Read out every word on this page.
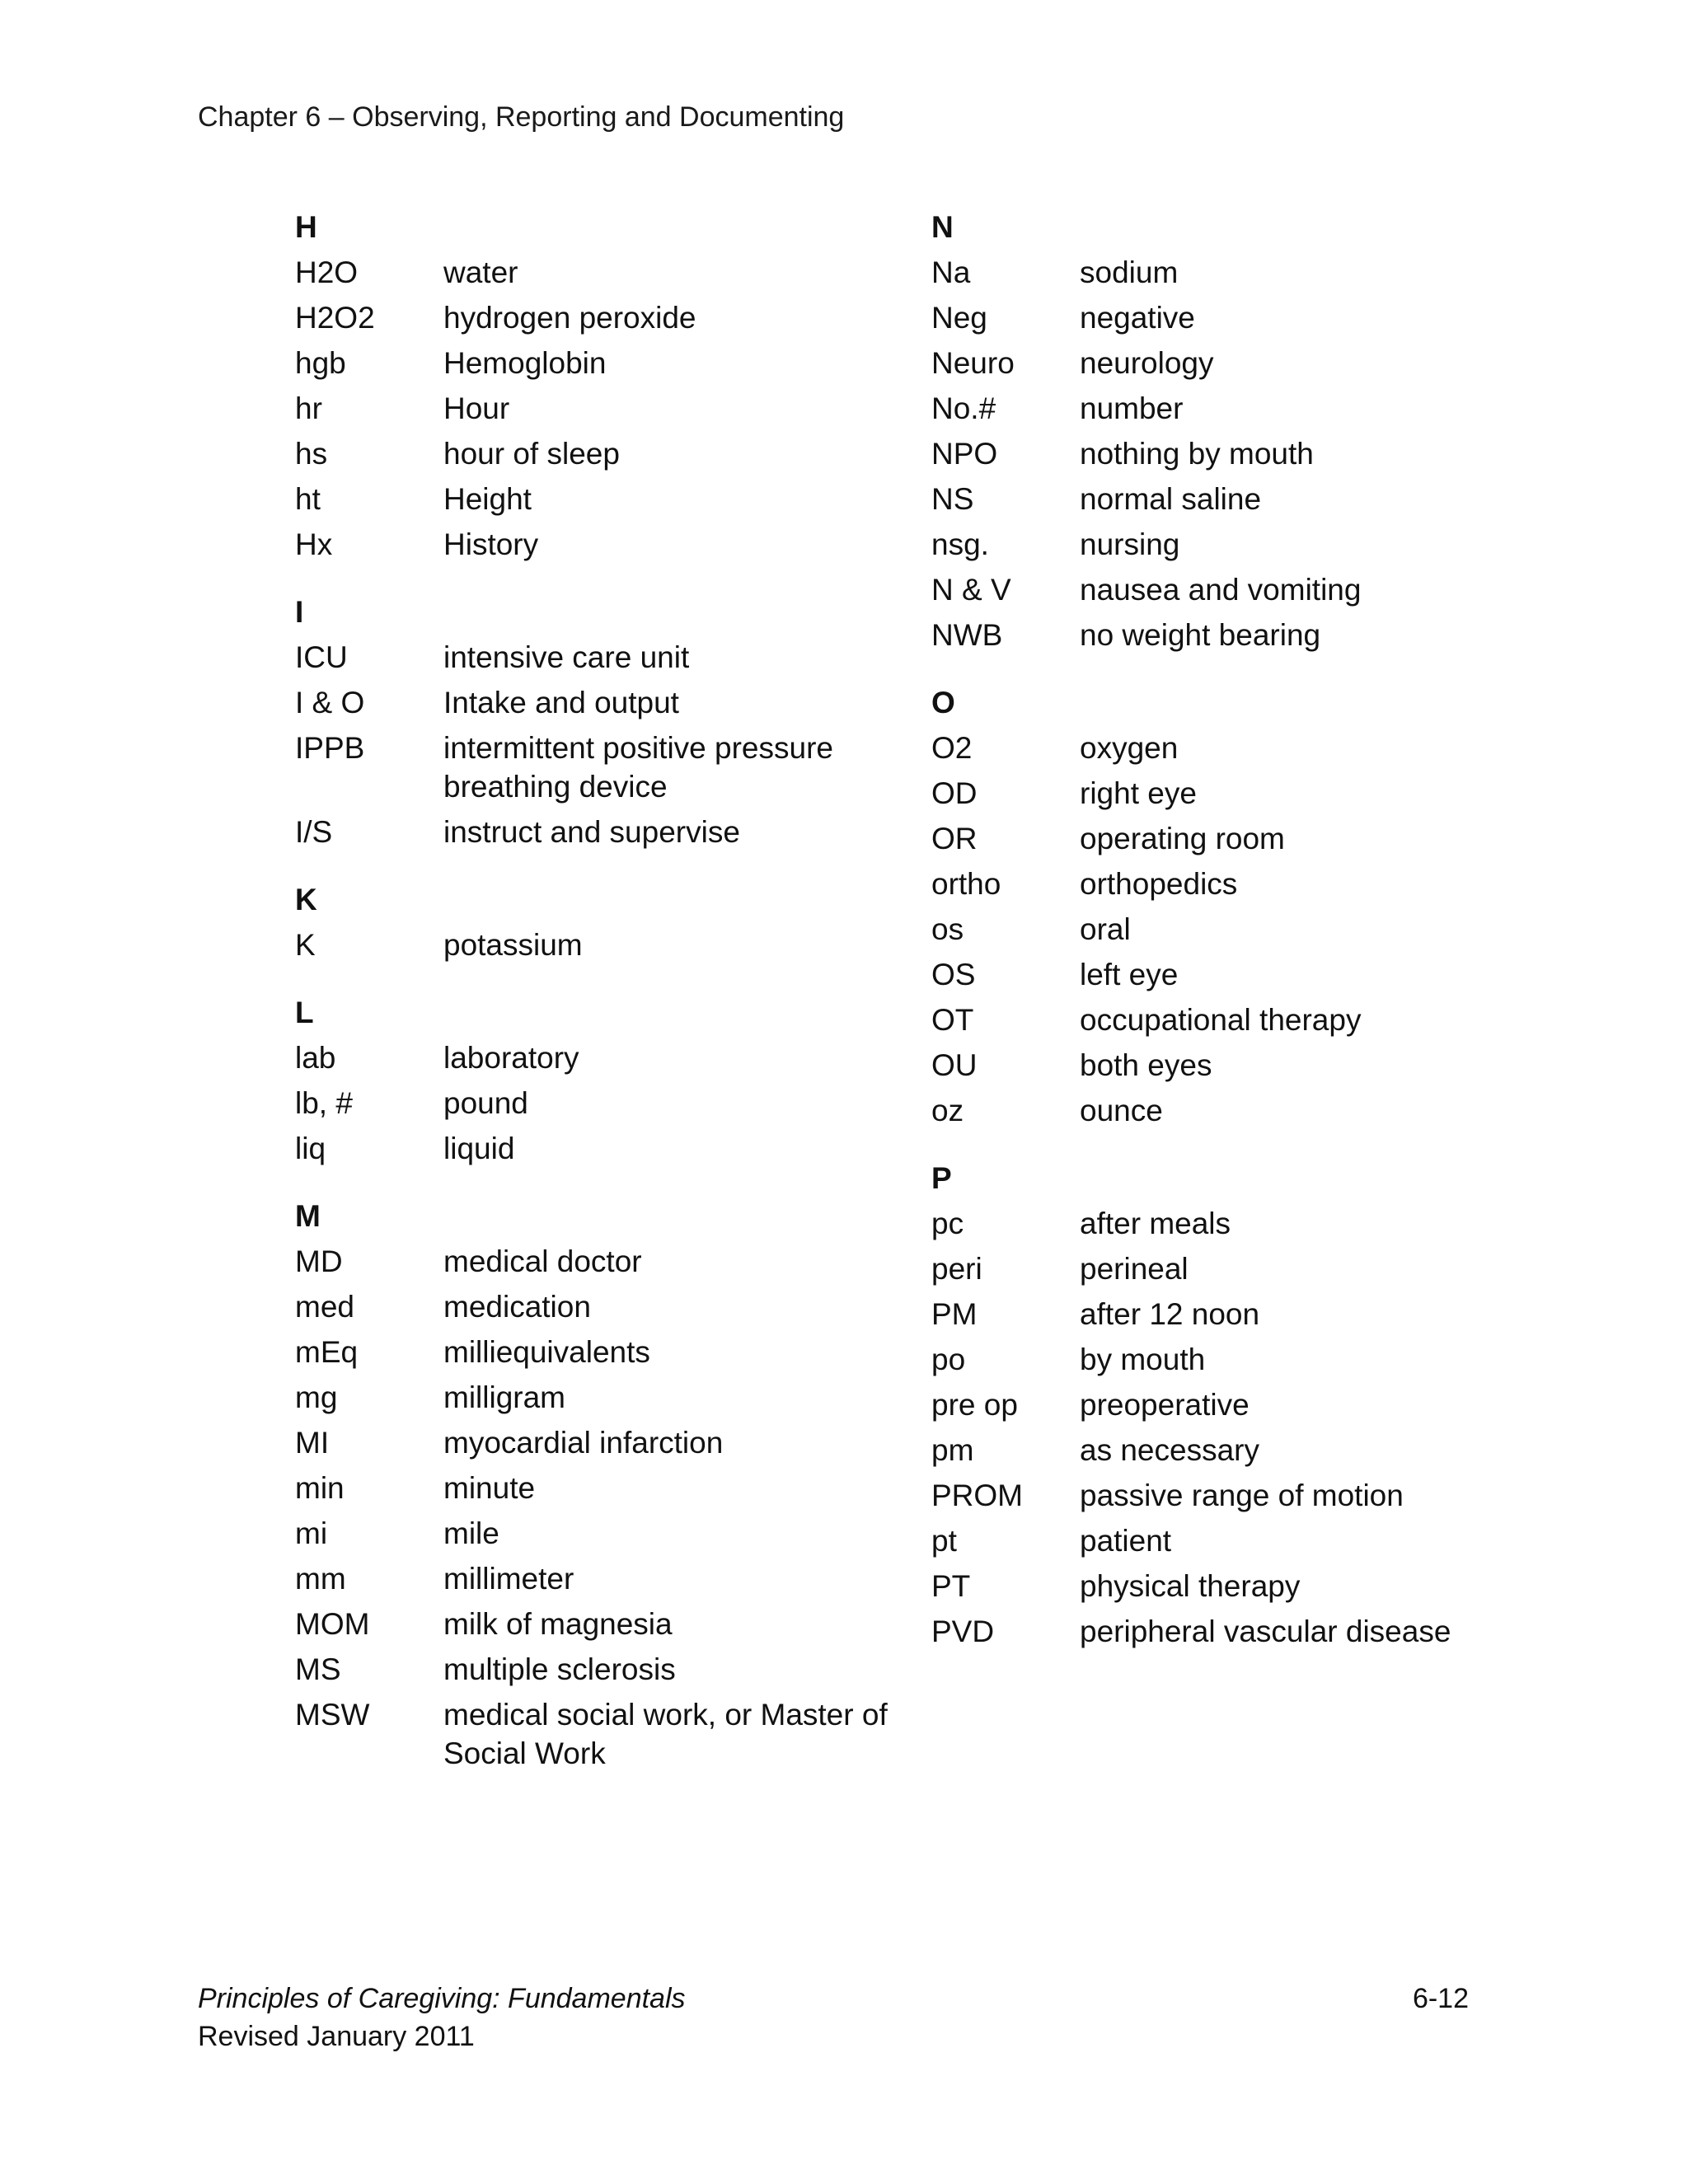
Chapter 6 – Observing, Reporting and Documenting
H
H2O	water
H2O2	hydrogen peroxide
hgb	Hemoglobin
hr	Hour
hs	hour of sleep
ht	Height
Hx	History
I
ICU	intensive care unit
I & O	Intake and output
IPPB	intermittent positive pressure breathing device
I/S	instruct and supervise
K
K	potassium
L
lab	laboratory
lb, #	pound
liq	liquid
M
MD	medical doctor
med	medication
mEq	milliequivalents
mg	milligram
MI	myocardial infarction
min	minute
mi	mile
mm	millimeter
MOM	milk of magnesia
MS	multiple sclerosis
MSW	medical social work, or Master of Social Work
N
Na	sodium
Neg	negative
Neuro	neurology
No.#	number
NPO	nothing by mouth
NS	normal saline
nsg.	nursing
N & V	nausea and vomiting
NWB	no weight bearing
O
O2	oxygen
OD	right eye
OR	operating room
ortho	orthopedics
os	oral
OS	left eye
OT	occupational therapy
OU	both eyes
oz	ounce
P
pc	after meals
peri	perineal
PM	after 12 noon
po	by mouth
pre op	preoperative
pm	as necessary
PROM	passive range of motion
pt	patient
PT	physical therapy
PVD	peripheral vascular disease
Principles of Caregiving: Fundamentals
Revised January 2011
6-12
